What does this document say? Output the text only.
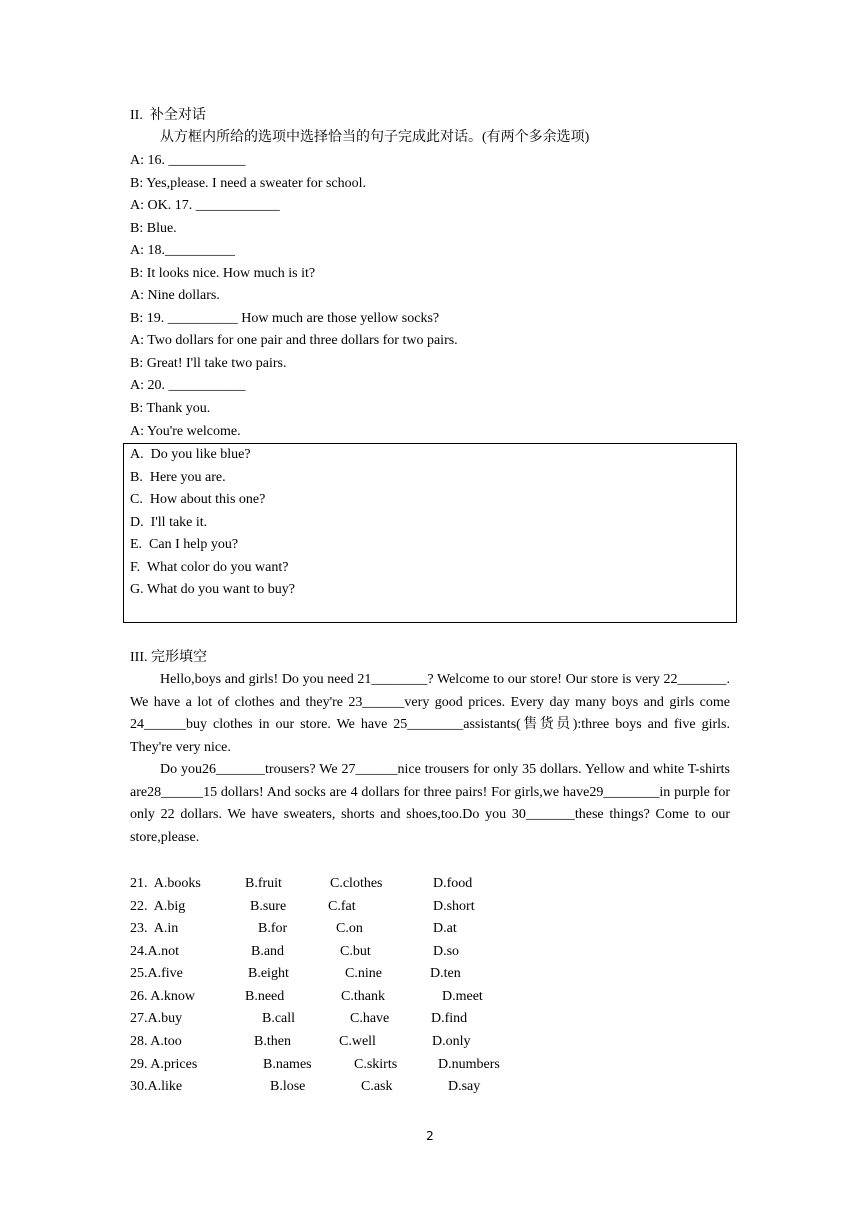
II.  补全对话
从方框内所给的选项中选择恰当的句子完成此对话。(有两个多余选项)
A: 16. ___________
B: Yes,please. I need a sweater for school.
A: OK. 17. ____________
B: Blue.
A: 18.__________
B: It looks nice. How much is it?
A: Nine dollars.
B: 19. __________ How much are those yellow socks?
A: Two dollars for one pair and three dollars for two pairs.
B: Great! I'll take two pairs.
A: 20. ___________
B: Thank you.
A: You're welcome.
A.  Do you like blue?
B.  Here you are.
C.  How about this one?
D.  I'll take it.
E.  Can I help you?
F.  What color do you want?
G. What do you want to buy?
III. 完形填空

Hello,boys and girls! Do you need 21________? Welcome to our store! Our store is very 22_______. We have a lot of clothes and they're 23______very good prices. Every day many boys and girls come 24______buy clothes in our store. We have 25________assistants(售货员):three boys and five girls. They're very nice.

Do you26_______trousers? We 27______nice trousers for only 35 dollars. Yellow and white T-shirts are28______15 dollars! And socks are 4 dollars for three pairs! For girls,we have29________in purple for only 22 dollars. We have sweaters, shorts and shoes,too.Do you 30_______these things? Come to our store,please.

21.  A.books	B.fruit	C.clothes	D.food
22.  A.big	B.sure	C.fat	D.short
23.  A.in	B.for	C.on	D.at
24.A.not	B.and	C.but	D.so
25.A.five	B.eight	C.nine	D.ten
26. A.know	B.need	C.thank	D.meet
27.A.buy	B.call	C.have	D.find
28. A.too	B.then	C.well	D.only
29. A.prices	B.names	C.skirts	D.numbers
30.A.like	B.lose	C.ask	D.say
2
